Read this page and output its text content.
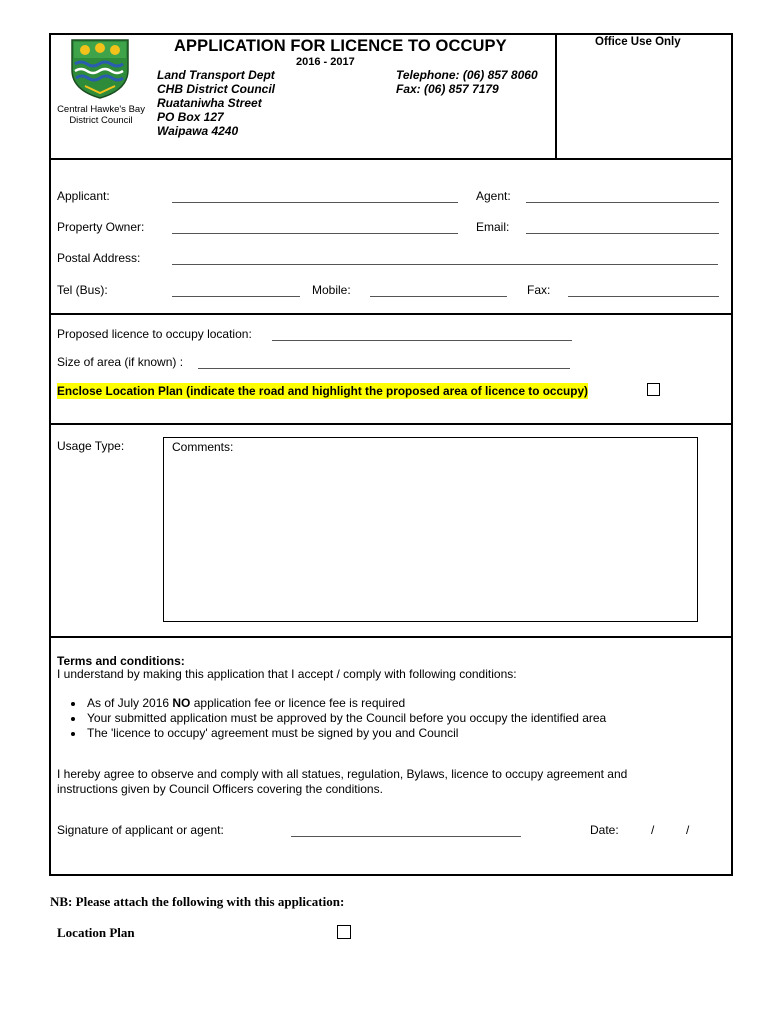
Central Hawke's Bay
District Council
APPLICATION FOR LICENCE TO OCCUPY
2016 - 2017
Office Use Only
Land Transport Dept
CHB District Council
Ruataniwha Street
PO Box 127
Waipawa 4240
Telephone: (06) 857 8060
Fax: (06) 857 7179
Applicant:	Agent:
Property Owner:	Email:
Postal Address:
Tel (Bus):	Mobile:	Fax:
Proposed licence to occupy location:
Size of area (if known) :
Enclose Location Plan (indicate the road and highlight the proposed area of licence to occupy)
Usage Type:	Comments:
Terms and conditions:
I understand by making this application that I accept / comply with following conditions:
• As of July 2016 NO application fee or licence fee is required
• Your submitted application must be approved by the Council before you occupy the identified area
• The 'licence to occupy' agreement must be signed by you and Council
I hereby agree to observe and comply with all statues, regulation, Bylaws, licence to occupy agreement and
instructions given by Council Officers covering the conditions.
Signature of applicant or agent:	Date:	/	/
NB: Please attach the following with this application:
Location Plan
